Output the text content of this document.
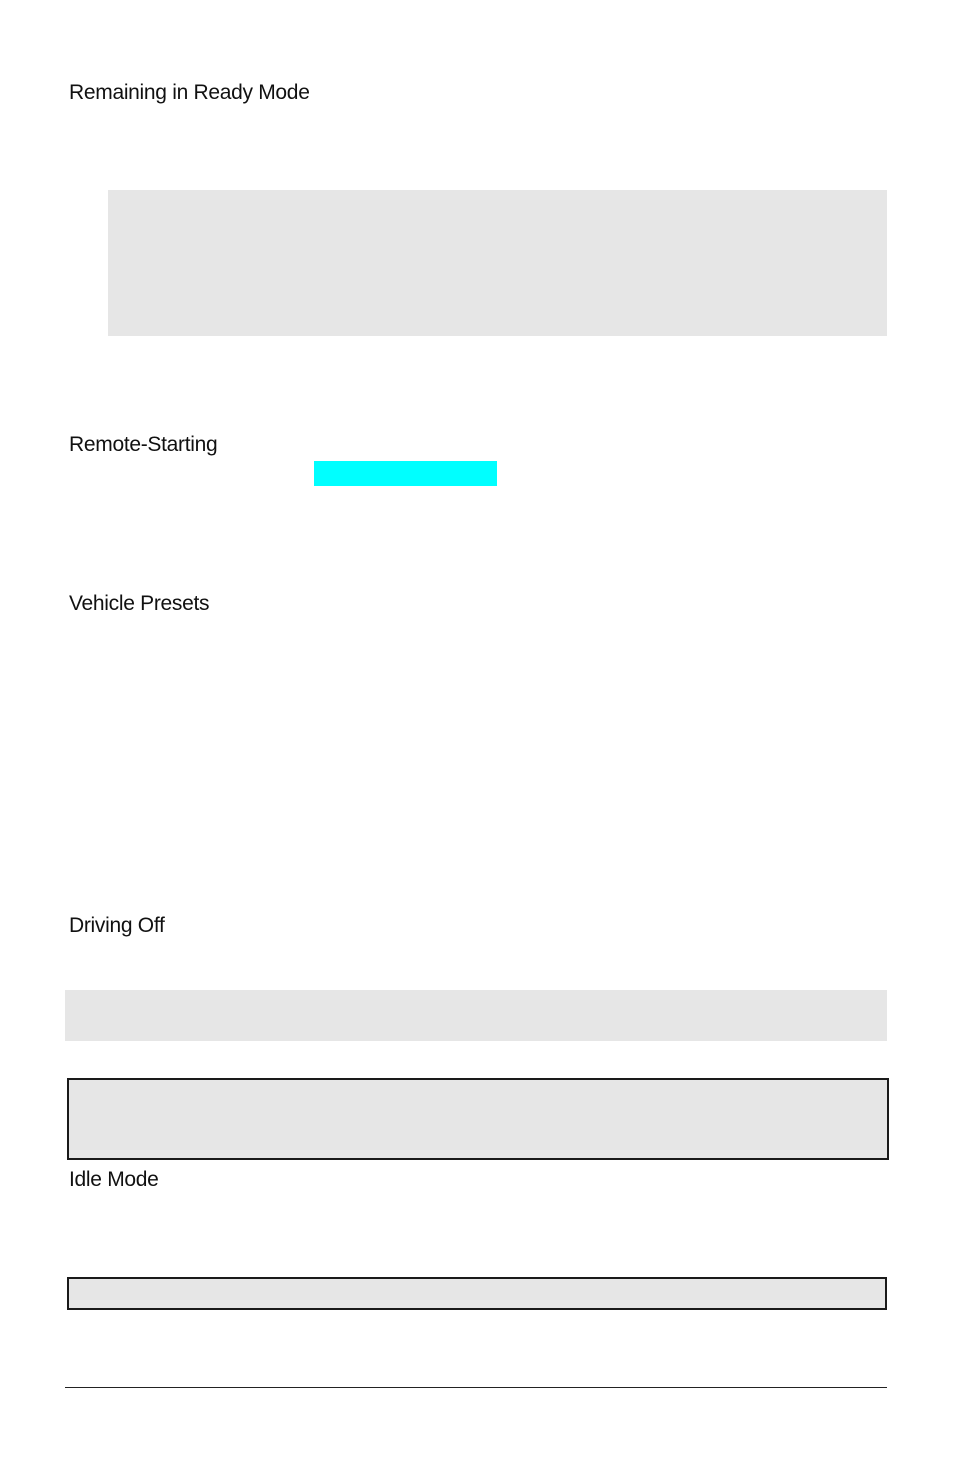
Remaining in Ready Mode
Remote-Starting
Vehicle Presets
Driving Off
Idle Mode
